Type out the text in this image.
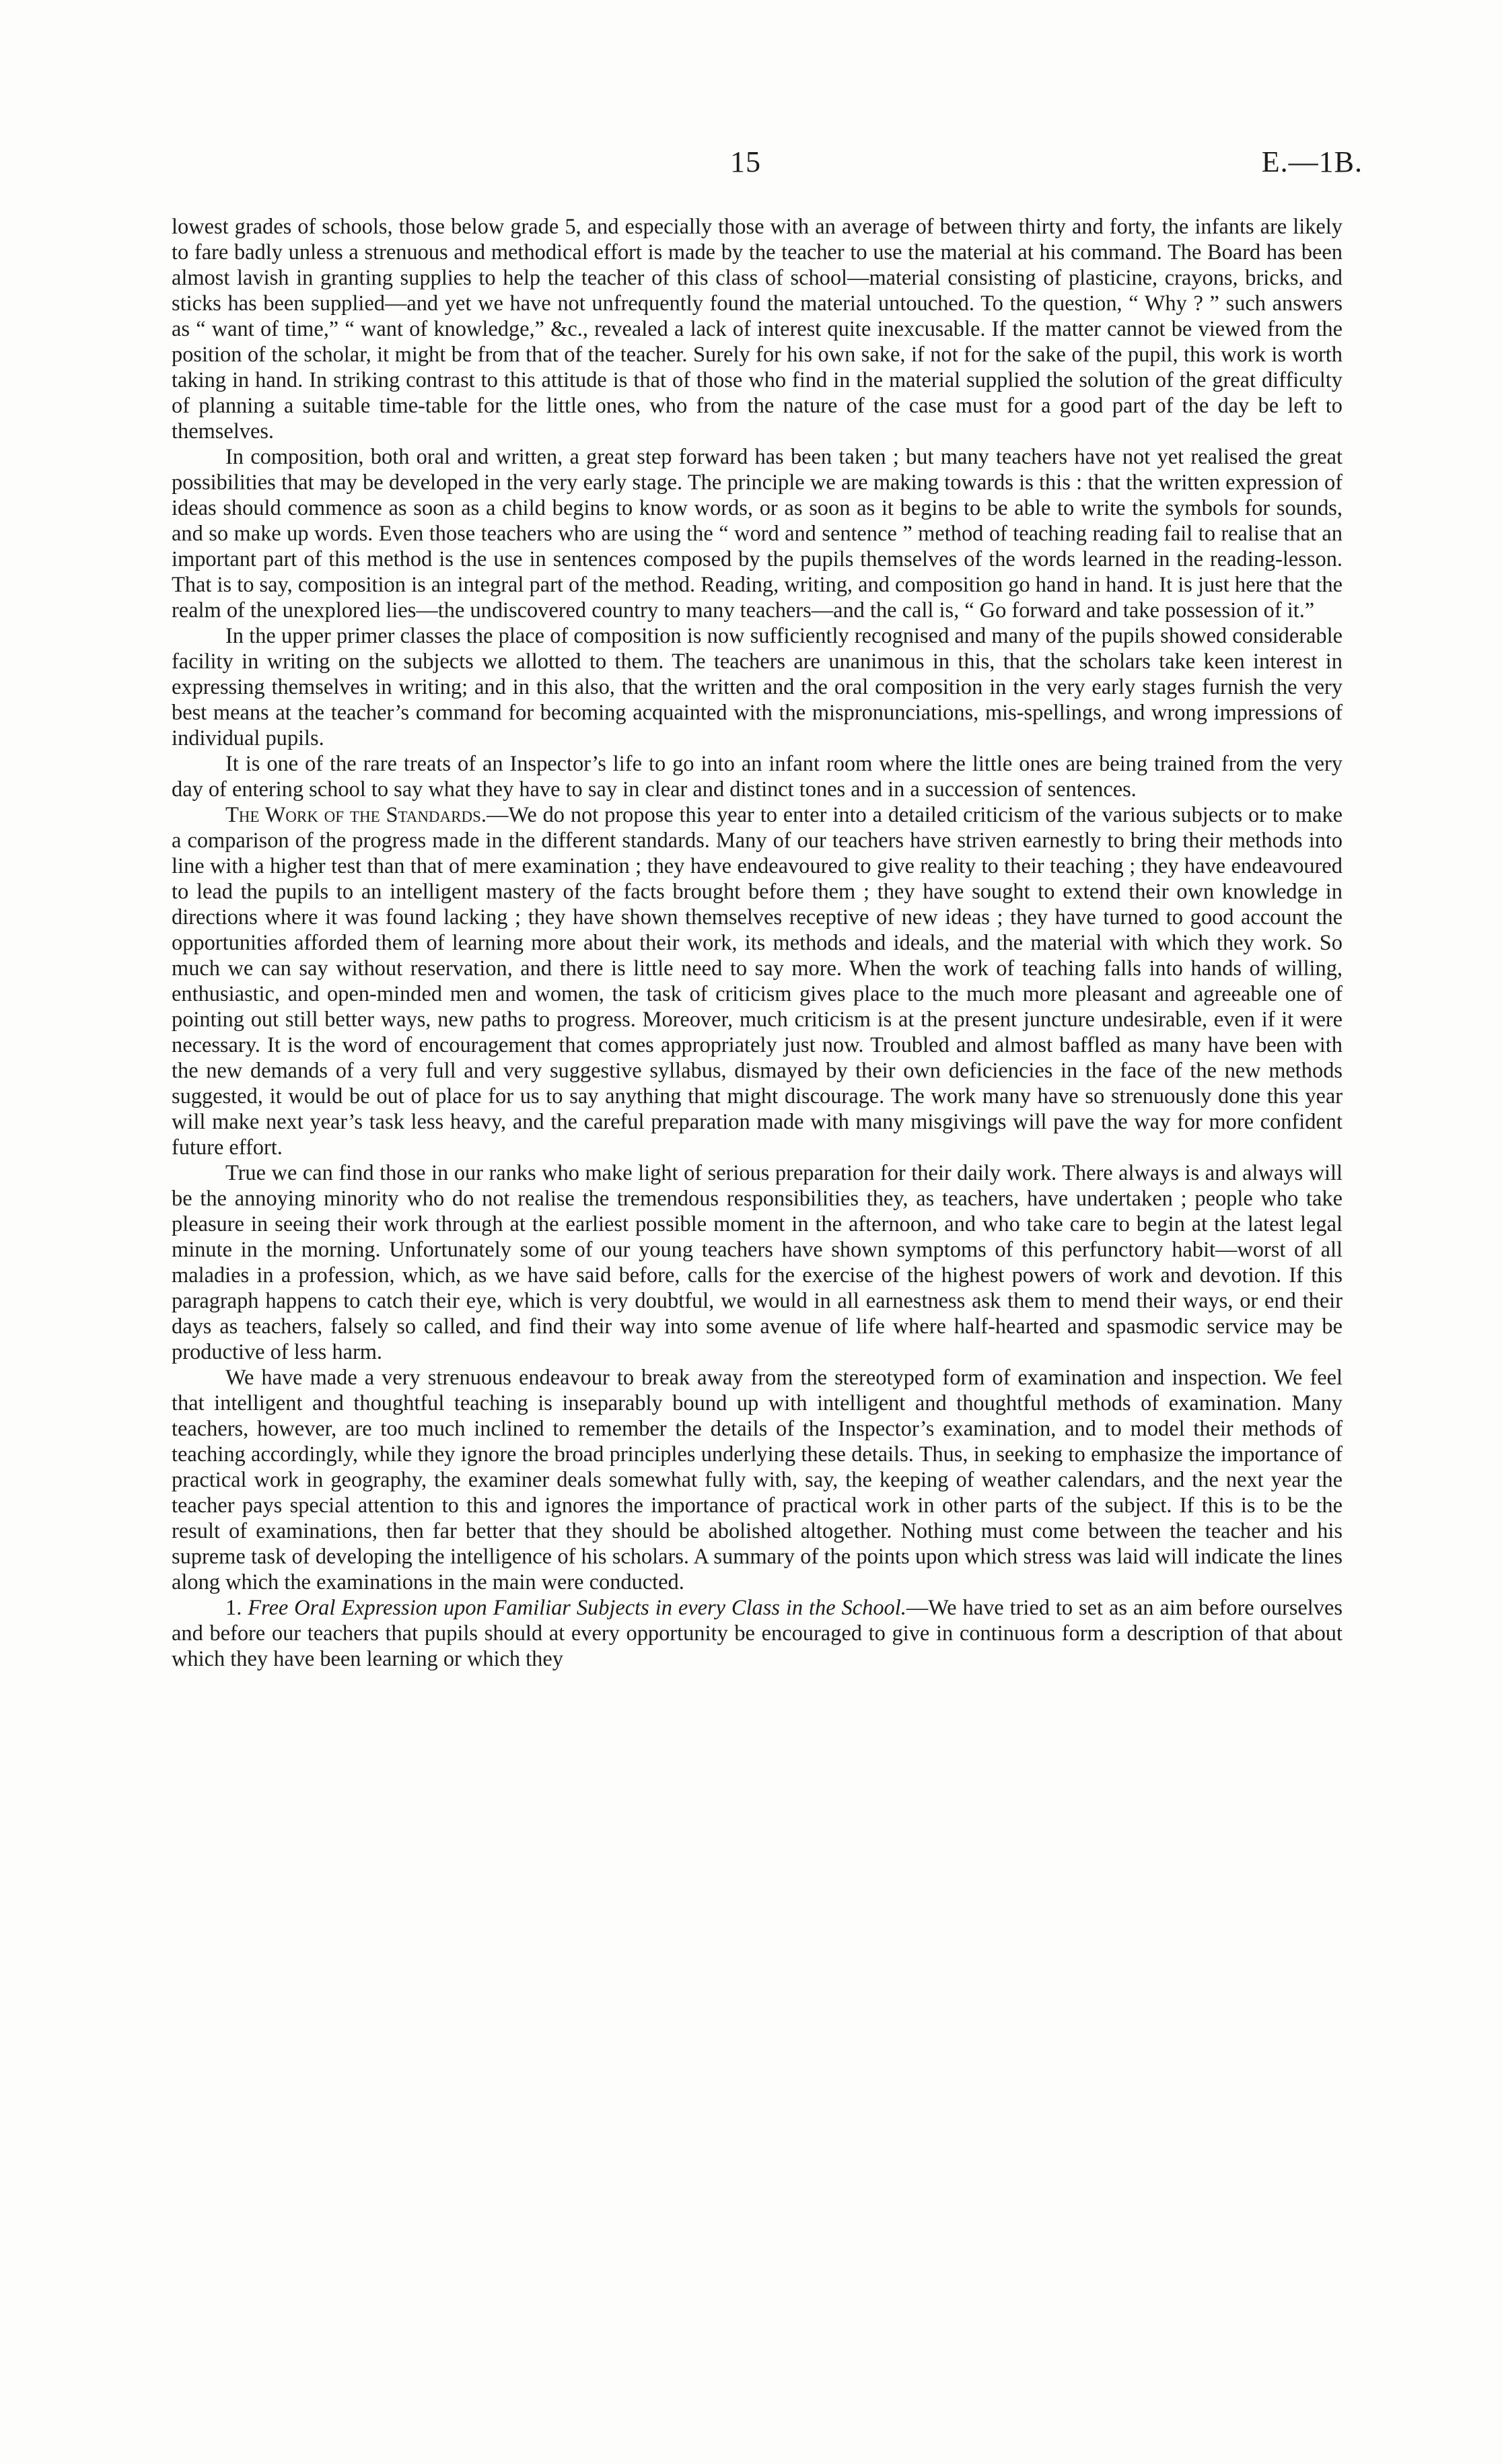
15	E.—1B.

lowest grades of schools, those below grade 5, and especially those with an average of between thirty and forty, the infants are likely to fare badly unless a strenuous and methodical effort is made by the teacher to use the material at his command. The Board has been almost lavish in granting supplies to help the teacher of this class of school—material consisting of plasticine, crayons, bricks, and sticks has been supplied—and yet we have not unfrequently found the material untouched. To the question, “ Why ? ” such answers as “ want of time,” “ want of knowledge,” &c., revealed a lack of interest quite inexcusable. If the matter cannot be viewed from the position of the scholar, it might be from that of the teacher. Surely for his own sake, if not for the sake of the pupil, this work is worth taking in hand. In striking contrast to this attitude is that of those who find in the material supplied the solution of the great difficulty of planning a suitable time-table for the little ones, who from the nature of the case must for a good part of the day be left to themselves.

In composition, both oral and written, a great step forward has been taken ; but many teachers have not yet realised the great possibilities that may be developed in the very early stage. The principle we are making towards is this : that the written expression of ideas should commence as soon as a child begins to know words, or as soon as it begins to be able to write the symbols for sounds, and so make up words. Even those teachers who are using the “ word and sentence ” method of teaching reading fail to realise that an important part of this method is the use in sentences composed by the pupils themselves of the words learned in the reading-lesson. That is to say, composition is an integral part of the method. Reading, writing, and composition go hand in hand. It is just here that the realm of the unexplored lies—the undiscovered country to many teachers—and the call is, “ Go forward and take possession of it.”

In the upper primer classes the place of composition is now sufficiently recognised and many of the pupils showed considerable facility in writing on the subjects we allotted to them. The teachers are unanimous in this, that the scholars take keen interest in expressing themselves in writing; and in this also, that the written and the oral composition in the very early stages furnish the very best means at the teacher’s command for becoming acquainted with the mispronunciations, mis-spellings, and wrong impressions of individual pupils.

It is one of the rare treats of an Inspector’s life to go into an infant room where the little ones are being trained from the very day of entering school to say what they have to say in clear and distinct tones and in a succession of sentences.

The Work of the Standards.—We do not propose this year to enter into a detailed criticism of the various subjects or to make a comparison of the progress made in the different standards. Many of our teachers have striven earnestly to bring their methods into line with a higher test than that of mere examination ; they have endeavoured to give reality to their teaching ; they have endeavoured to lead the pupils to an intelligent mastery of the facts brought before them ; they have sought to extend their own knowledge in directions where it was found lacking ; they have shown themselves receptive of new ideas ; they have turned to good account the opportunities afforded them of learning more about their work, its methods and ideals, and the material with which they work. So much we can say without reservation, and there is little need to say more. When the work of teaching falls into hands of willing, enthusiastic, and open-minded men and women, the task of criticism gives place to the much more pleasant and agreeable one of pointing out still better ways, new paths to progress. Moreover, much criticism is at the present juncture undesirable, even if it were necessary. It is the word of encouragement that comes appropriately just now. Troubled and almost baffled as many have been with the new demands of a very full and very suggestive syllabus, dismayed by their own deficiencies in the face of the new methods suggested, it would be out of place for us to say anything that might discourage. The work many have so strenuously done this year will make next year’s task less heavy, and the careful preparation made with many misgivings will pave the way for more confident future effort.

True we can find those in our ranks who make light of serious preparation for their daily work. There always is and always will be the annoying minority who do not realise the tremendous responsibilities they, as teachers, have undertaken ; people who take pleasure in seeing their work through at the earliest possible moment in the afternoon, and who take care to begin at the latest legal minute in the morning. Unfortunately some of our young teachers have shown symptoms of this perfunctory habit—worst of all maladies in a profession, which, as we have said before, calls for the exercise of the highest powers of work and devotion. If this paragraph happens to catch their eye, which is very doubtful, we would in all earnestness ask them to mend their ways, or end their days as teachers, falsely so called, and find their way into some avenue of life where half-hearted and spasmodic service may be productive of less harm.

We have made a very strenuous endeavour to break away from the stereotyped form of examination and inspection. We feel that intelligent and thoughtful teaching is inseparably bound up with intelligent and thoughtful methods of examination. Many teachers, however, are too much inclined to remember the details of the Inspector’s examination, and to model their methods of teaching accordingly, while they ignore the broad principles underlying these details. Thus, in seeking to emphasize the importance of practical work in geography, the examiner deals somewhat fully with, say, the keeping of weather calendars, and the next year the teacher pays special attention to this and ignores the importance of practical work in other parts of the subject. If this is to be the result of examinations, then far better that they should be abolished altogether. Nothing must come between the teacher and his supreme task of developing the intelligence of his scholars. A summary of the points upon which stress was laid will indicate the lines along which the examinations in the main were conducted.

1. Free Oral Expression upon Familiar Subjects in every Class in the School.—We have tried to set as an aim before ourselves and before our teachers that pupils should at every opportunity be encouraged to give in continuous form a description of that about which they have been learning or which they
